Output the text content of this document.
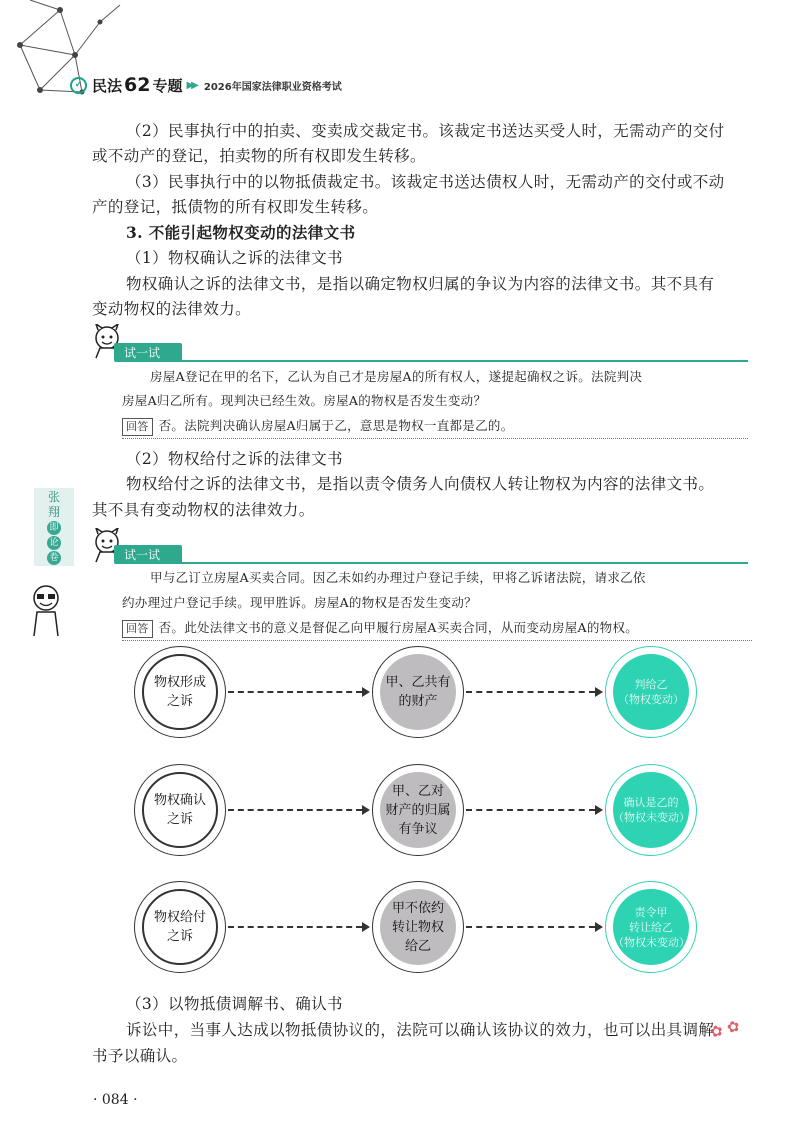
✓ 民法 62 专题 ▶▶ 2026年国家法律职业资格考试
（2）民事执行中的拍卖、变卖成交裁定书。该裁定书送达买受人时，无需动产的交付
或不动产的登记，拍卖物的所有权即发生转移。
（3）民事执行中的以物抵债裁定书。该裁定书送达债权人时，无需动产的交付或不动
产的登记，抵债物的所有权即发生转移。
3. 不能引起物权变动的法律文书
（1）物权确认之诉的法律文书
物权确认之诉的法律文书，是指以确定物权归属的争议为内容的法律文书。其不具有
变动物权的法律效力。
试一试
房屋A登记在甲的名下，乙认为自己才是房屋A的所有权人，遂提起确权之诉。法院判决
房屋A归乙所有。现判决已经生效。房屋A的物权是否发生变动？
回答 否。法院判决确认房屋A归属于乙，意思是物权一直都是乙的。
（2）物权给付之诉的法律文书
物权给付之诉的法律文书，是指以责令债务人向债权人转让物权为内容的法律文书。
其不具有变动物权的法律效力。
张
翔
即
论
卷	试一试
甲与乙订立房屋A买卖合同。因乙未如约办理过户登记手续，甲将乙诉诸法院，请求乙依
约办理过户登记手续。现甲胜诉。房屋A的物权是否发生变动？
回答 否。此处法律文书的意义是督促乙向甲履行房屋A买卖合同，从而变动房屋A的物权。
物权形成
之诉
甲、乙共有
的财产
判给乙
（物权变动）
物权确认
之诉
甲、乙对
财产的归属
有争议
确认是乙的
（物权未变动）
物权给付
之诉
甲不依约
转让物权
给乙
责令甲
转让给乙
（物权未变动）
（3）以物抵债调解书、确认书
诉讼中，当事人达成以物抵债协议的，法院可以确认该协议的效力，也可以出具调解
书予以确认。
· 084 ·
✿ ✿
